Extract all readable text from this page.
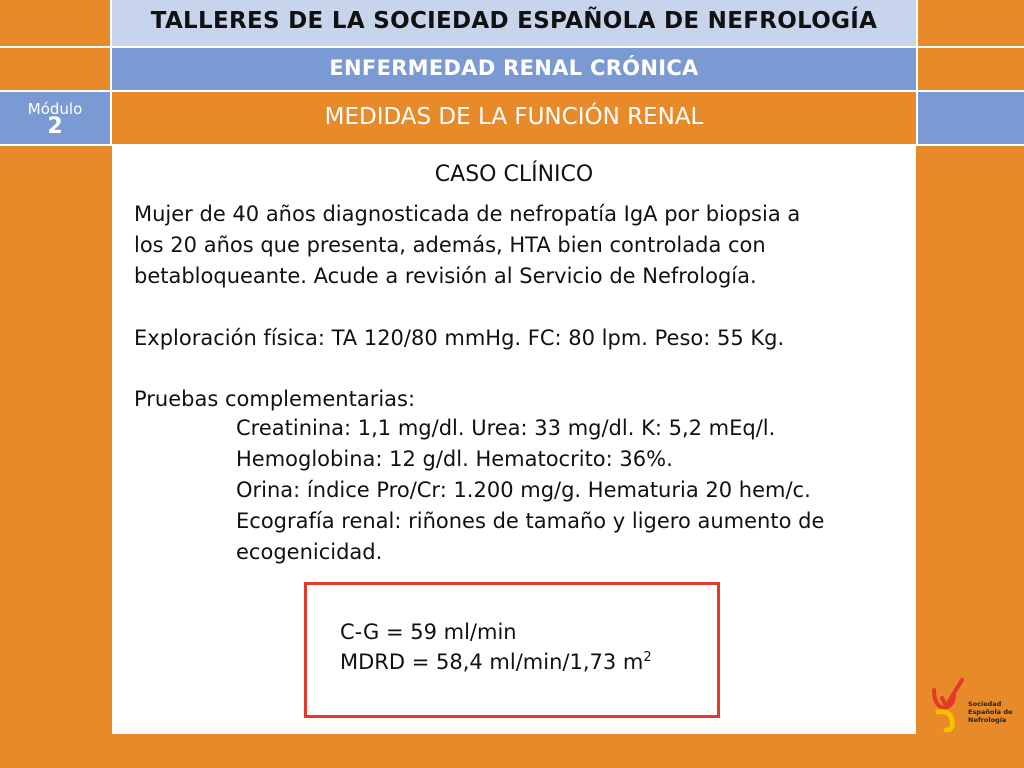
Módulo
2
TALLERES DE LA SOCIEDAD ESPAÑOLA DE NEFROLOGÍA
ENFERMEDAD RENAL CRÓNICA
MEDIDAS DE LA FUNCIÓN RENAL
CASO CLÍNICO
Mujer de 40 años diagnosticada de nefropatía IgA por biopsia a
los 20 años que presenta, además, HTA bien controlada con
betabloqueante. Acude a revisión al Servicio de Nefrología.
Exploración física: TA 120/80 mmHg. FC: 80 lpm. Peso: 55 Kg.
Pruebas complementarias:
Creatinina: 1,1 mg/dl. Urea: 33 mg/dl. K: 5,2 mEq/l.
Hemoglobina: 12 g/dl. Hematocrito: 36%.
Orina: índice Pro/Cr: 1.200 mg/g. Hematuria 20 hem/c.
Ecografía renal: riñones de tamaño y ligero aumento de
ecogenicidad.
C-G = 59 ml/min
MDRD = 58,4 ml/min/1,73 $m^2$
Sociedad
Española de
Nefrología
